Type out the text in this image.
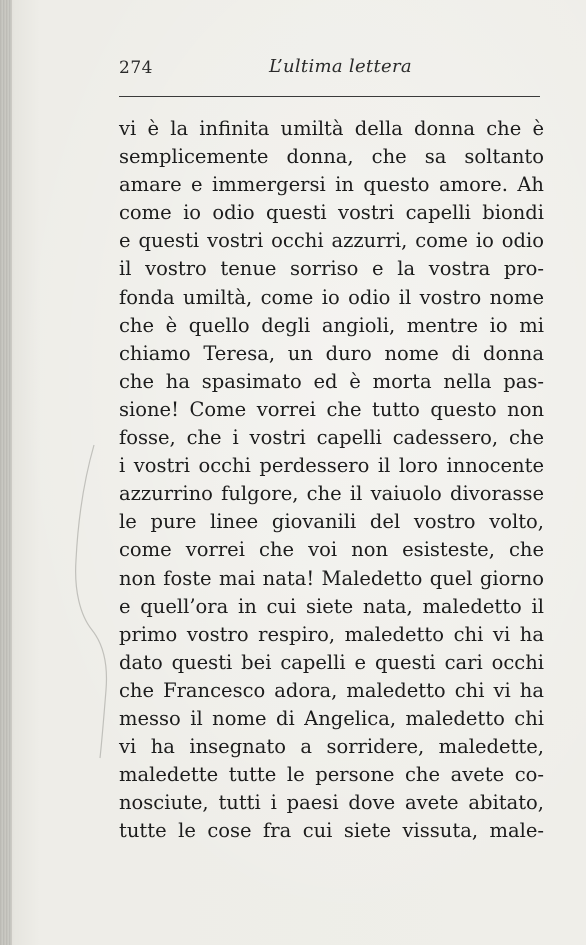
274	L’ultima lettera
vi è la infinita umiltà della donna che è
semplicemente donna, che sa soltanto
amare e immergersi in questo amore. Ah
come io odio questi vostri capelli biondi
e questi vostri occhi azzurri, come io odio
il vostro tenue sorriso e la vostra pro-
fonda umiltà, come io odio il vostro nome
che è quello degli angioli, mentre io mi
chiamo Teresa, un duro nome di donna
che ha spasimato ed è morta nella pas-
sione! Come vorrei che tutto questo non
fosse, che i vostri capelli cadessero, che
i vostri occhi perdessero il loro innocente
azzurrino fulgore, che il vaiuolo divorasse
le pure linee giovanili del vostro volto,
come vorrei che voi non esisteste, che
non foste mai nata! Maledetto quel giorno
e quell’ora in cui siete nata, maledetto il
primo vostro respiro, maledetto chi vi ha
dato questi bei capelli e questi cari occhi
che Francesco adora, maledetto chi vi ha
messo il nome di Angelica, maledetto chi
vi ha insegnato a sorridere, maledette,
maledette tutte le persone che avete co-
nosciute, tutti i paesi dove avete abitato,
tutte le cose fra cui siete vissuta, male-
